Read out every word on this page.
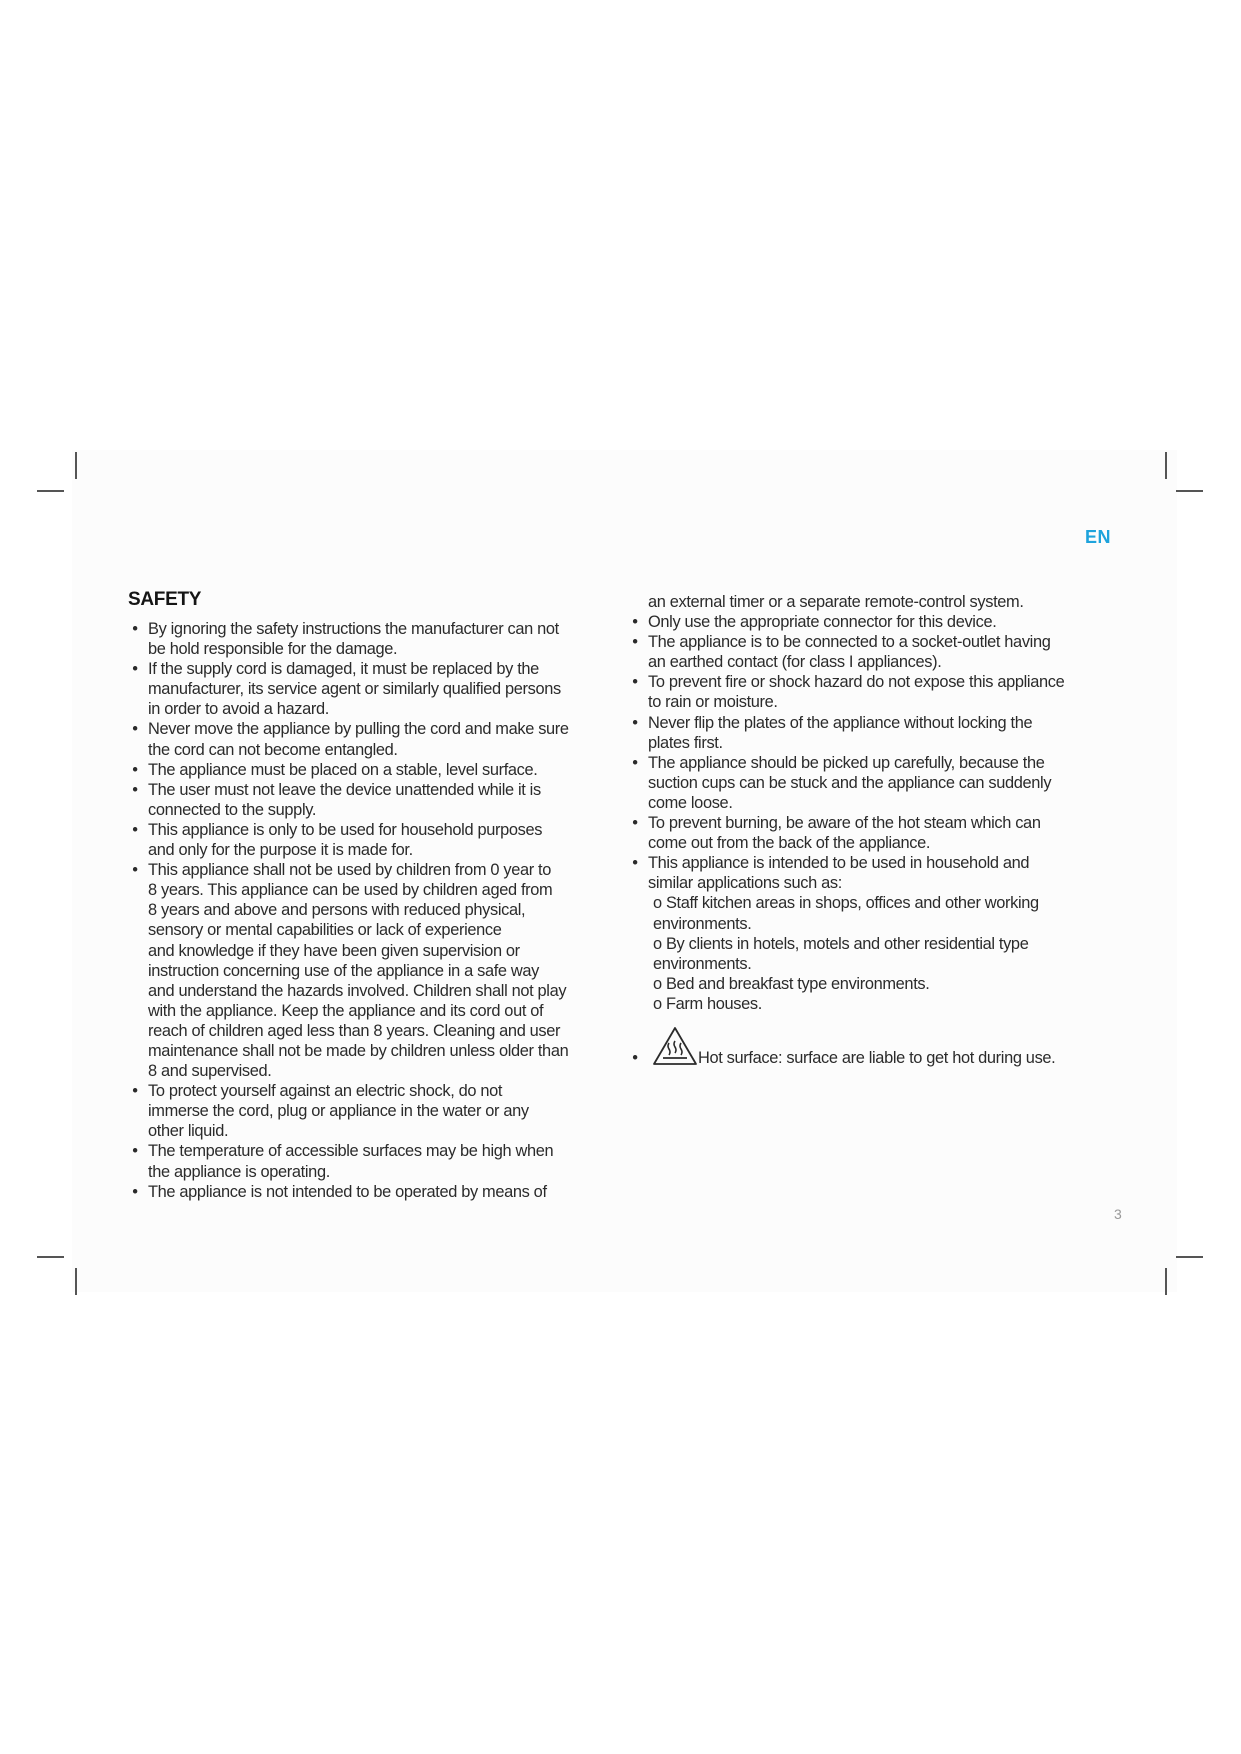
EN
SAFETY
• By ignoring the safety instructions the manufacturer can not
be hold responsible for the damage.
• If the supply cord is damaged, it must be replaced by the
manufacturer, its service agent or similarly qualified persons
in order to avoid a hazard.
• Never move the appliance by pulling the cord and make sure
the cord can not become entangled.
• The appliance must be placed on a stable, level surface.
• The user must not leave the device unattended while it is
connected to the supply.
• This appliance is only to be used for household purposes
and only for the purpose it is made for.
• This appliance shall not be used by children from 0 year to
8 years. This appliance can be used by children aged from
8 years and above and persons with reduced physical,
sensory or mental capabilities or lack of experience
and knowledge if they have been given supervision or
instruction concerning use of the appliance in a safe way
and understand the hazards involved. Children shall not play
with the appliance. Keep the appliance and its cord out of
reach of children aged less than 8 years. Cleaning and user
maintenance shall not be made by children unless older than
8 and supervised.
• To protect yourself against an electric shock, do not
immerse the cord, plug or appliance in the water or any
other liquid.
• The temperature of accessible surfaces may be high when
the appliance is operating.
• The appliance is not intended to be operated by means of
an external timer or a separate remote-control system.
• Only use the appropriate connector for this device.
• The appliance is to be connected to a socket-outlet having
an earthed contact (for class I appliances).
• To prevent fire or shock hazard do not expose this appliance
to rain or moisture.
• Never flip the plates of the appliance without locking the
plates first.
• The appliance should be picked up carefully, because the
suction cups can be stuck and the appliance can suddenly
come loose.
• To prevent burning, be aware of the hot steam which can
come out from the back of the appliance.
• This appliance is intended to be used in household and
similar applications such as:
o Staff kitchen areas in shops, offices and other working
environments.
o By clients in hotels, motels and other residential type
environments.
o Bed and breakfast type environments.
o Farm houses.
•	Hot surface: surface are liable to get hot during use.
3
